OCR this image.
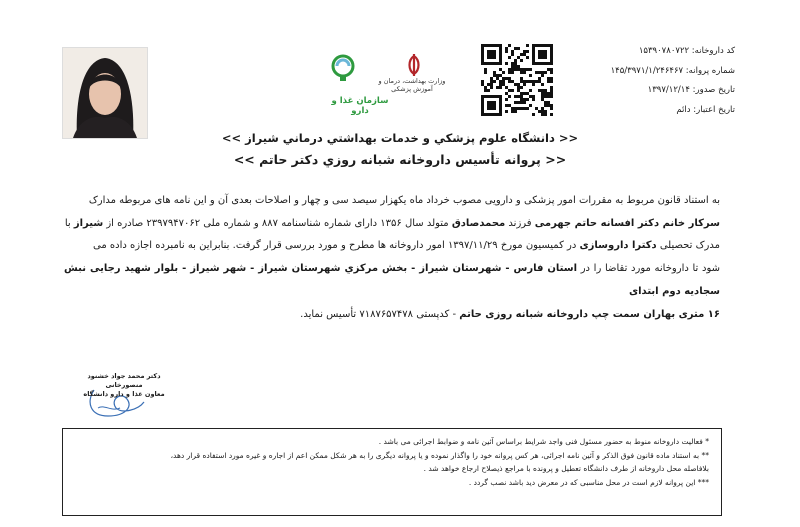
وزارت بهداشت، درمان و آموزش پزشکی
سازمان غذا و دارو
کد داروخانه: ۱۵۳۹۰۷۸۰۷۲۲
شماره پروانه: ۱۴۵/۳۹۷۱/۱/۲۴۶۴۶۷
تاریخ صدور: ۱۳۹۷/۱۲/۱۴
تاریخ اعتبار: دائم
<< دانشگاه علوم پزشكي و خدمات بهداشتي درماني شيراز >>
<< پروانه تأسيس داروخانه شبانه روزي دكتر حاتم >>
به استناد قانون مربوط به مقررات امور پزشکی و دارویی مصوب خرداد ماه یکهزار سیصد سی و چهار و اصلاحات بعدی آن و این نامه های مربوطه مدارک
سرکار خانم دکتر افسانه حاتم جهرمی فرزند محمدصادق متولد سال ۱۳۵۶ دارای شماره شناسنامه ۸۸۷ و شماره ملی ۲۳۹۷۹۴۷۰۶۲ صادره از شیراز با
مدرک تحصیلی دکترا داروسازی در کمیسیون مورخ ۱۳۹۷/۱۱/۲۹ امور داروخانه ها مطرح و مورد بررسی قرار گرفت. بنابراین به نامبرده اجازه داده می
شود تا داروخانه مورد تقاضا را در استان فارس - شهرستان شیراز - بخش مرکزي شهرستان شيراز - شهر شیراز - بلوار شهيد رجايی نبش سجاديه دوم ابتدای
۱۶ متری بهاران سمت چپ داروخانه شبانه روزی حاتم - کدپستی ۷۱۸۷۶۵۷۴۷۸ تأسیس نماید.
دکتر محمد جواد خشنود منصورخانی
معاون غذا و دارو دانشگاه
* فعالیت داروخانه منوط به حضور مسئول فنی واجد شرایط براساس آئین نامه و ضوابط اجرائی می باشد .
** به استناد ماده قانون فوق الذکر و آئین نامه اجرائی، هر کس پروانه خود را واگذار نموده و یا پروانه دیگری را به هر شکل ممکن اعم از اجاره و غیره مورد استفاده قرار دهد،
بلافاصله محل داروخانه از طرف دانشگاه تعطیل و پرونده با مراجع ذیصلاح ارجاع خواهد شد .
*** این پروانه لازم است در محل مناسبی که در معرض دید باشد نصب گردد .
